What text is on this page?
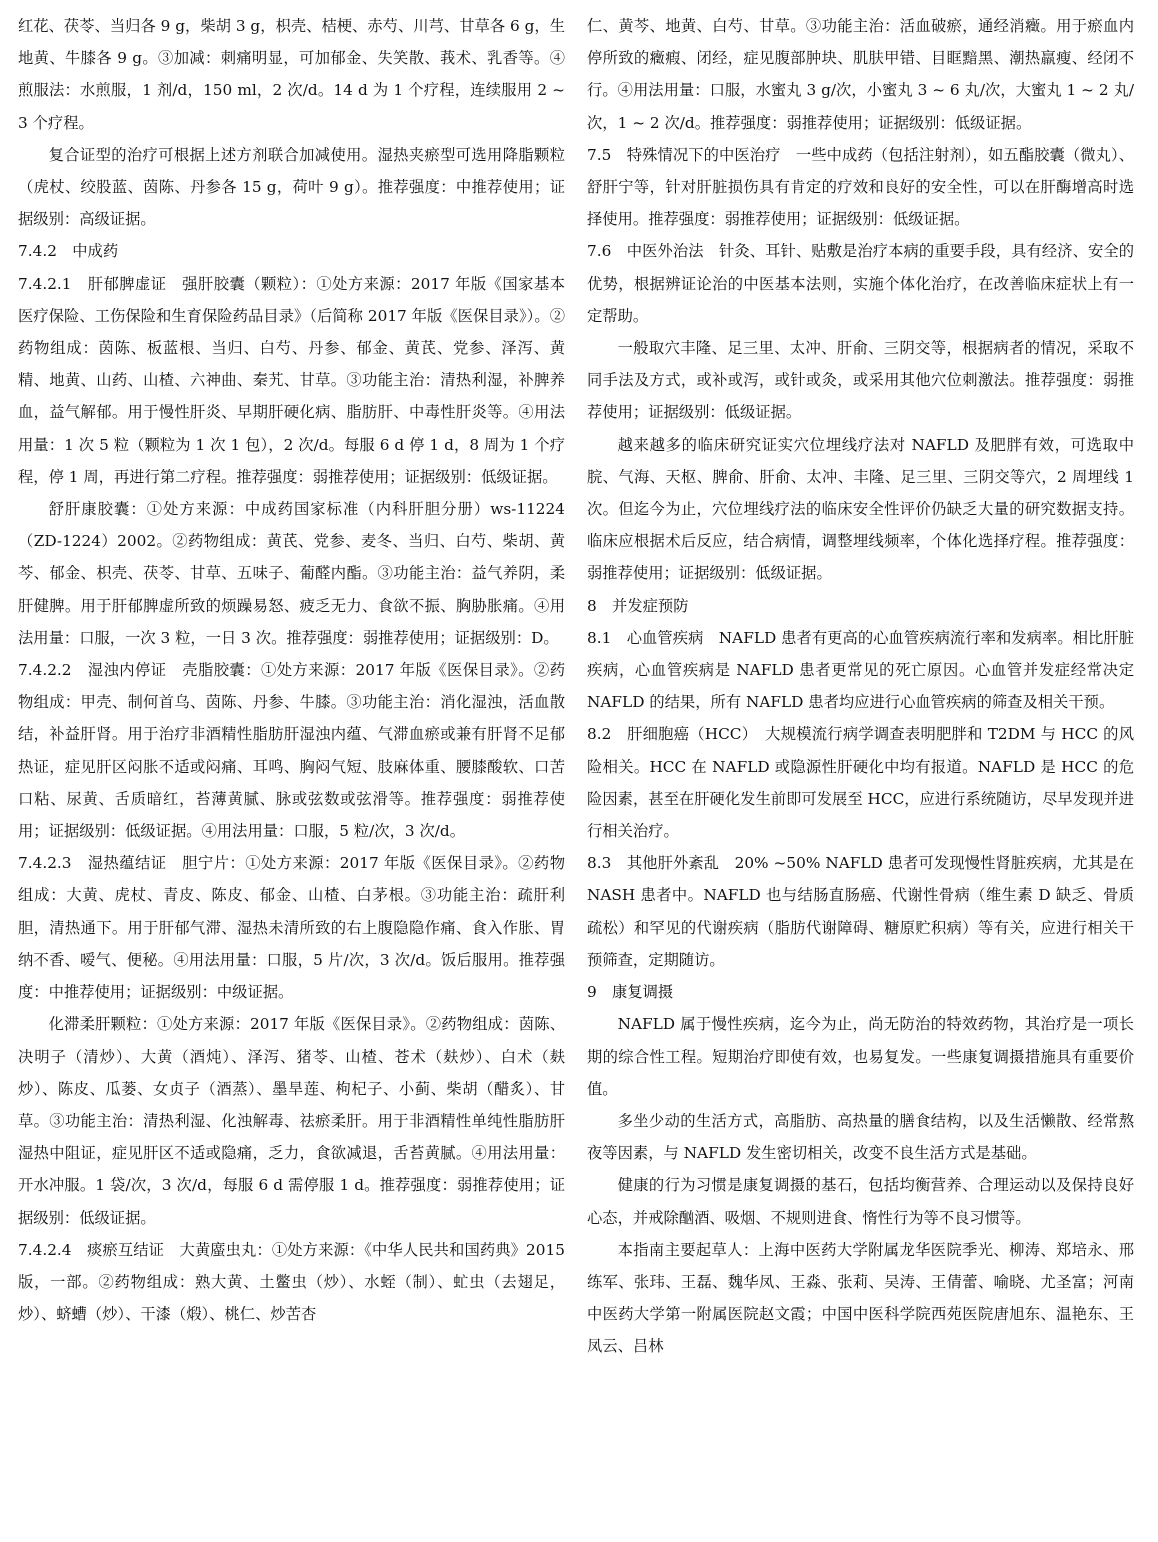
红花、茯苓、当归各 9 g，柴胡 3 g，枳壳、桔梗、赤芍、川芎、甘草各 6 g，生地黄、牛膝各 9 g。③加减：刺痛明显，可加郁金、失笑散、莪术、乳香等。④煎服法：水煎服，1 剂/d，150 ml，2 次/d。14 d 为 1 个疗程，连续服用 2 ~ 3 个疗程。

复合证型的治疗可根据上述方剂联合加减使用。湿热夹瘀型可选用降脂颗粒（虎杖、绞股蓝、茵陈、丹参各 15 g，荷叶 9 g）。推荐强度：中推荐使用；证据级别：高级证据。

7.4.2　中成药

7.4.2.1　肝郁脾虚证　强肝胶囊（颗粒）：①处方来源：2017 年版《国家基本医疗保险、工伤保险和生育保险药品目录》（后简称 2017 年版《医保目录》）。②药物组成：茵陈、板蓝根、当归、白芍、丹参、郁金、黄芪、党参、泽泻、黄精、地黄、山药、山楂、六神曲、秦艽、甘草。③功能主治：清热利湿，补脾养血，益气解郁。用于慢性肝炎、早期肝硬化病、脂肪肝、中毒性肝炎等。④用法用量：1 次 5 粒（颗粒为 1 次 1 包），2 次/d。每服 6 d 停 1 d，8 周为 1 个疗程，停 1 周，再进行第二疗程。推荐强度：弱推荐使用；证据级别：低级证据。

舒肝康胶囊：①处方来源：中成药国家标准（内科肝胆分册）ws-11224（ZD-1224）2002。②药物组成：黄芪、党参、麦冬、当归、白芍、柴胡、黄芩、郁金、枳壳、茯苓、甘草、五味子、葡醛内酯。③功能主治：益气养阴，柔肝健脾。用于肝郁脾虚所致的烦躁易怒、疲乏无力、食欲不振、胸胁胀痛。④用法用量：口服，一次 3 粒，一日 3 次。推荐强度：弱推荐使用；证据级别：D。

7.4.2.2　湿浊内停证　壳脂胶囊：①处方来源：2017 年版《医保目录》。②药物组成：甲壳、制何首乌、茵陈、丹参、牛膝。③功能主治：消化湿浊，活血散结，补益肝肾。用于治疗非酒精性脂肪肝湿浊内蕴、气滞血瘀或兼有肝肾不足郁热证，症见肝区闷胀不适或闷痛、耳鸣、胸闷气短、肢麻体重、腰膝酸软、口苦口粘、尿黄、舌质暗红，苔薄黄腻、脉或弦数或弦滑等。推荐强度：弱推荐使用；证据级别：低级证据。④用法用量：口服，5 粒/次，3 次/d。

7.4.2.3　湿热蕴结证　胆宁片：①处方来源：2017 年版《医保目录》。②药物组成：大黄、虎杖、青皮、陈皮、郁金、山楂、白茅根。③功能主治：疏肝利胆，清热通下。用于肝郁气滞、湿热未清所致的右上腹隐隐作痛、食入作胀、胃纳不香、嗳气、便秘。④用法用量：口服，5 片/次，3 次/d。饭后服用。推荐强度：中推荐使用；证据级别：中级证据。

化滞柔肝颗粒：①处方来源：2017 年版《医保目录》。②药物组成：茵陈、决明子（清炒）、大黄（酒炖）、泽泻、猪苓、山楂、苍术（麸炒）、白术（麸炒）、陈皮、瓜蒌、女贞子（酒蒸）、墨旱莲、枸杞子、小蓟、柴胡（醋炙）、甘草。③功能主治：清热利湿、化浊解毒、祛瘀柔肝。用于非酒精性单纯性脂肪肝湿热中阻证，症见肝区不适或隐痛，乏力，食欲减退，舌苔黄腻。④用法用量：开水冲服。1 袋/次，3 次/d，每服 6 d 需停服 1 d。推荐强度：弱推荐使用；证据级别：低级证据。

7.4.2.4　痰瘀互结证　大黄䗪虫丸：①处方来源：《中华人民共和国药典》2015 版，一部。②药物组成：熟大黄、土鳖虫（炒）、水蛭（制）、虻虫（去翅足，炒）、蛴螬（炒）、干漆（煅）、桃仁、炒苦杏

仁、黄芩、地黄、白芍、甘草。③功能主治：活血破瘀，通经消癥。用于瘀血内停所致的癥瘕、闭经，症见腹部肿块、肌肤甲错、目眶黯黑、潮热羸瘦、经闭不行。④用法用量：口服，水蜜丸 3 g/次，小蜜丸 3 ~ 6 丸/次，大蜜丸 1 ~ 2 丸/次，1 ~ 2 次/d。推荐强度：弱推荐使用；证据级别：低级证据。

7.5　特殊情况下的中医治疗　一些中成药（包括注射剂），如五酯胶囊（微丸）、舒肝宁等，针对肝脏损伤具有肯定的疗效和良好的安全性，可以在肝酶增高时选择使用。推荐强度：弱推荐使用；证据级别：低级证据。

7.6　中医外治法　针灸、耳针、贴敷是治疗本病的重要手段，具有经济、安全的优势，根据辨证论治的中医基本法则，实施个体化治疗，在改善临床症状上有一定帮助。

一般取穴丰隆、足三里、太冲、肝俞、三阴交等，根据病者的情况，采取不同手法及方式，或补或泻，或针或灸，或采用其他穴位刺激法。推荐强度：弱推荐使用；证据级别：低级证据。

越来越多的临床研究证实穴位埋线疗法对 NAFLD 及肥胖有效，可选取中脘、气海、天枢、脾俞、肝俞、太冲、丰隆、足三里、三阴交等穴，2 周埋线 1 次。但迄今为止，穴位埋线疗法的临床安全性评价仍缺乏大量的研究数据支持。临床应根据术后反应，结合病情，调整埋线频率，个体化选择疗程。推荐强度：弱推荐使用；证据级别：低级证据。

8　并发症预防

8.1　心血管疾病　NAFLD 患者有更高的心血管疾病流行率和发病率。相比肝脏疾病，心血管疾病是 NAFLD 患者更常见的死亡原因。心血管并发症经常决定 NAFLD 的结果，所有 NAFLD 患者均应进行心血管疾病的筛查及相关干预。

8.2　肝细胞癌（HCC）　大规模流行病学调查表明肥胖和 T2DM 与 HCC 的风险相关。HCC 在 NAFLD 或隐源性肝硬化中均有报道。NAFLD 是 HCC 的危险因素，甚至在肝硬化发生前即可发展至 HCC，应进行系统随访，尽早发现并进行相关治疗。

8.3　其他肝外紊乱　20% ~50% NAFLD 患者可发现慢性肾脏疾病，尤其是在 NASH 患者中。NAFLD 也与结肠直肠癌、代谢性骨病（维生素 D 缺乏、骨质疏松）和罕见的代谢疾病（脂肪代谢障碍、糖原贮积病）等有关，应进行相关干预筛查，定期随访。

9　康复调摄

NAFLD 属于慢性疾病，迄今为止，尚无防治的特效药物，其治疗是一项长期的综合性工程。短期治疗即使有效，也易复发。一些康复调摄措施具有重要价值。

多坐少动的生活方式，高脂肪、高热量的膳食结构，以及生活懒散、经常熬夜等因素，与 NAFLD 发生密切相关，改变不良生活方式是基础。

健康的行为习惯是康复调摄的基石，包括均衡营养、合理运动以及保持良好心态，并戒除酗酒、吸烟、不规则进食、惰性行为等不良习惯等。

本指南主要起草人：上海中医药大学附属龙华医院季光、柳涛、郑培永、邢练军、张玮、王磊、魏华凤、王淼、张莉、吴涛、王倩蕾、喻晓、尤圣富；河南中医药大学第一附属医院赵文霞；中国中医科学院西苑医院唐旭东、温艳东、王凤云、吕林
